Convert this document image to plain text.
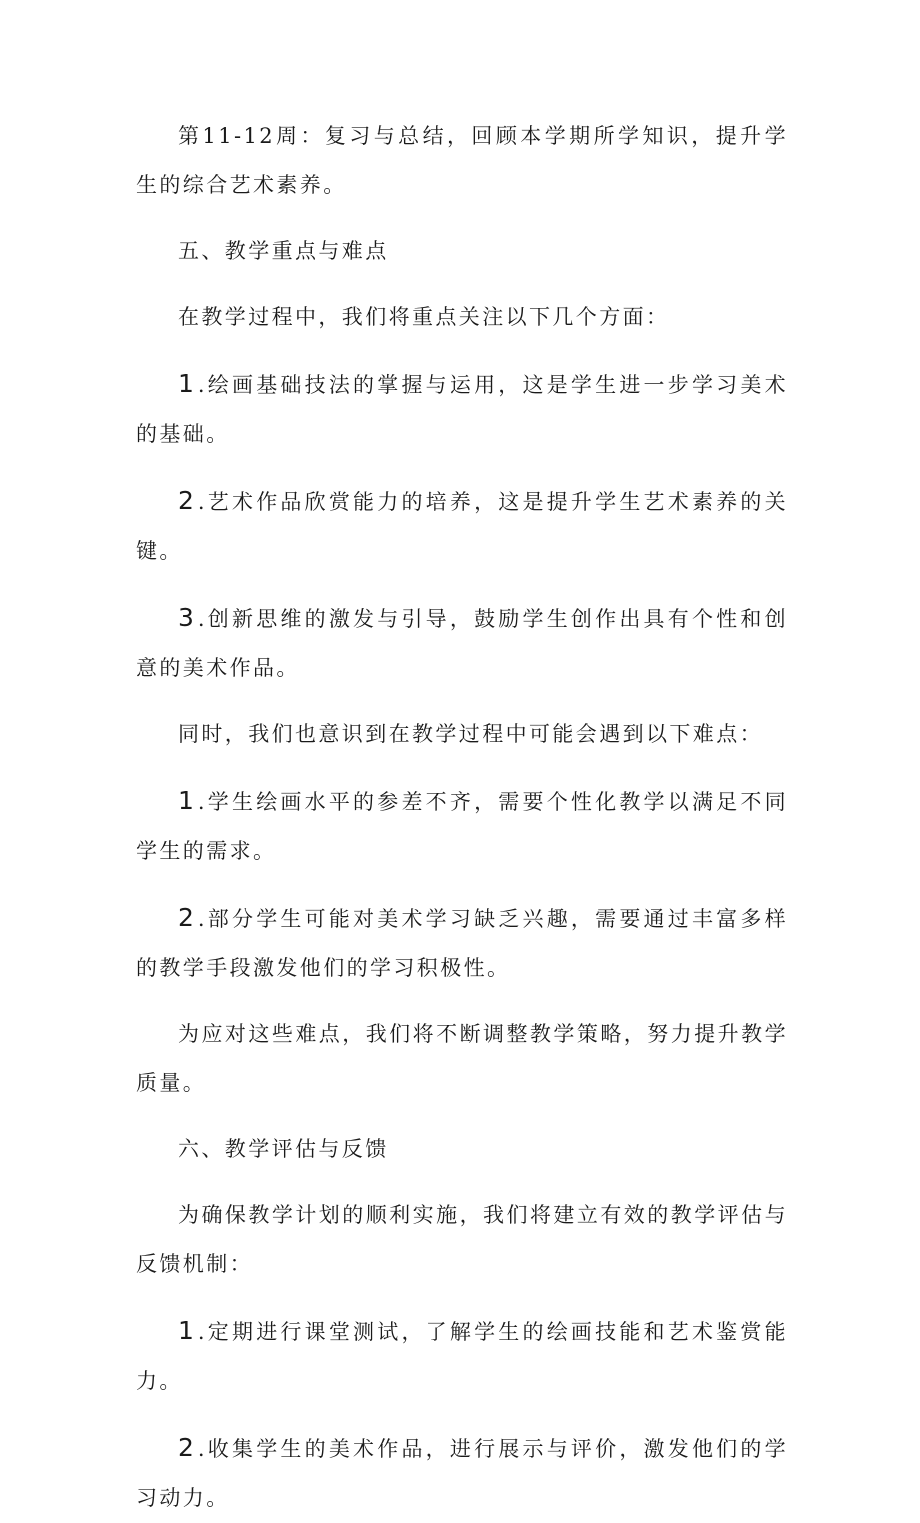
第11-12周：复习与总结，回顾本学期所学知识，提升学生的综合艺术素养。

五、教学重点与难点

在教学过程中，我们将重点关注以下几个方面：

1 .绘画基础技法的掌握与运用，这是学生进一步学习美术的基础。

2 .艺术作品欣赏能力的培养，这是提升学生艺术素养的关键。

3 .创新思维的激发与引导，鼓励学生创作出具有个性和创意的美术作品。

同时，我们也意识到在教学过程中可能会遇到以下难点：

1 .学生绘画水平的参差不齐，需要个性化教学以满足不同学生的需求。

2 .部分学生可能对美术学习缺乏兴趣，需要通过丰富多样的教学手段激发他们的学习积极性。

为应对这些难点，我们将不断调整教学策略，努力提升教学质量。

六、教学评估与反馈

为确保教学计划的顺利实施，我们将建立有效的教学评估与反馈机制：

1 .定期进行课堂测试，了解学生的绘画技能和艺术鉴赏能力。

2 .收集学生的美术作品，进行展示与评价，激发他们的学习动力。
